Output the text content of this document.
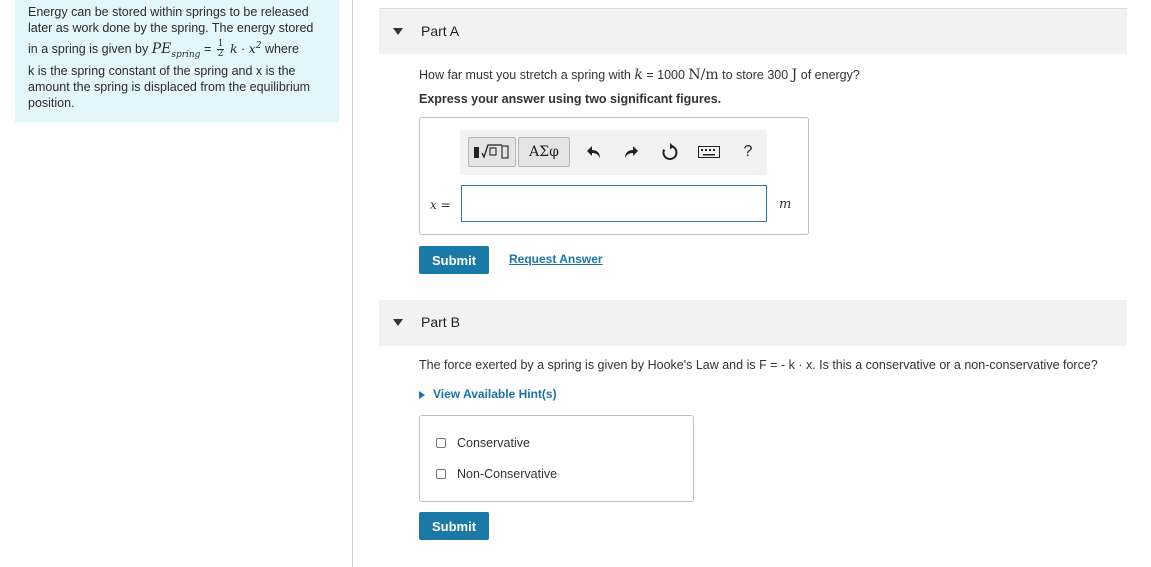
Energy can be stored within springs to be released
later as work done by the spring. The energy stored
in a spring is given by $PE_{spring} = \frac{1}{2}$ $k \cdot x^2$ where
k is the spring constant of the spring and x is the
amount the spring is displaced from the equilibrium
position.
Part A
How far must you stretch a spring with k = 1000 N/m to store 300 J of energy?
Express your answer using two significant figures.
ΑΣφ	?
x =	m
Submit	Request Answer
Part B
The force exerted by a spring is given by Hooke's Law and is F = - k · x. Is this a conservative or a non-conservative force?
View Available Hint(s)
Conservative
Non-Conservative
Submit
